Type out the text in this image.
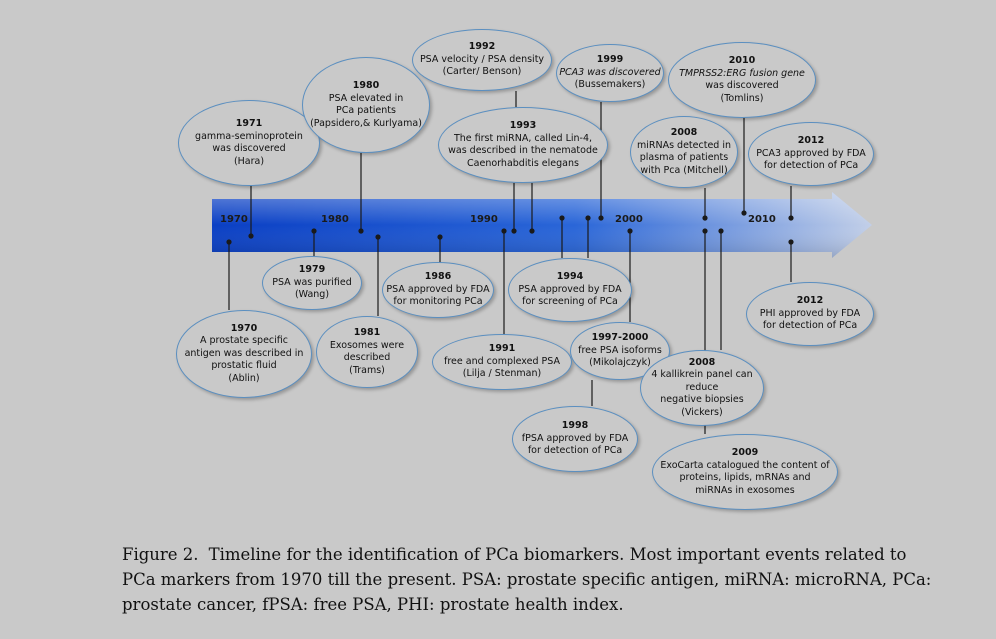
1970	1980	1990	2000	2010
1971
gamma-seminoprotein
was discovered
(Hara)
1980
PSA elevated in
PCa patients
(Papsidero,& Kurlyama)
1992
PSA velocity / PSA density
(Carter/ Benson)
1993
The first miRNA, called Lin-4,
was described in the nematode
Caenorhabditis elegans
1999
PCA3 was discovered
(Bussemakers)
2008
miRNAs detected in
plasma of patients
with Pca (Mitchell)
2010
TMPRSS2:ERG fusion gene
was discovered
(Tomlins)
2012
PCA3 approved by FDA
for detection of PCa
1979
PSA was purified
(Wang)
1986
PSA approved by FDA
for monitoring PCa
1994
PSA approved by FDA
for screening of PCa
1970
A prostate specific
antigen was described in
prostatic fluid
(Ablin)
1981
Exosomes were
described
(Trams)
1991
free and complexed PSA
(Lilja / Stenman)
1997-2000
free PSA isoforms
(Mikolajczyk)
1998
fPSA approved by FDA
for detection of PCa
2008
4 kallikrein panel can
reduce
negative biopsies
(Vickers)
2009
ExoCarta catalogued the content of
proteins, lipids, mRNAs and
miRNAs in exosomes
2012
PHI approved by FDA
for detection of PCa
Figure 2. Timeline for the identification of PCa biomarkers. Most important events related to PCa markers from 1970 till the present. PSA: prostate specific antigen, miRNA: microRNA, PCa: prostate cancer, fPSA: free PSA, PHI: prostate health index.
